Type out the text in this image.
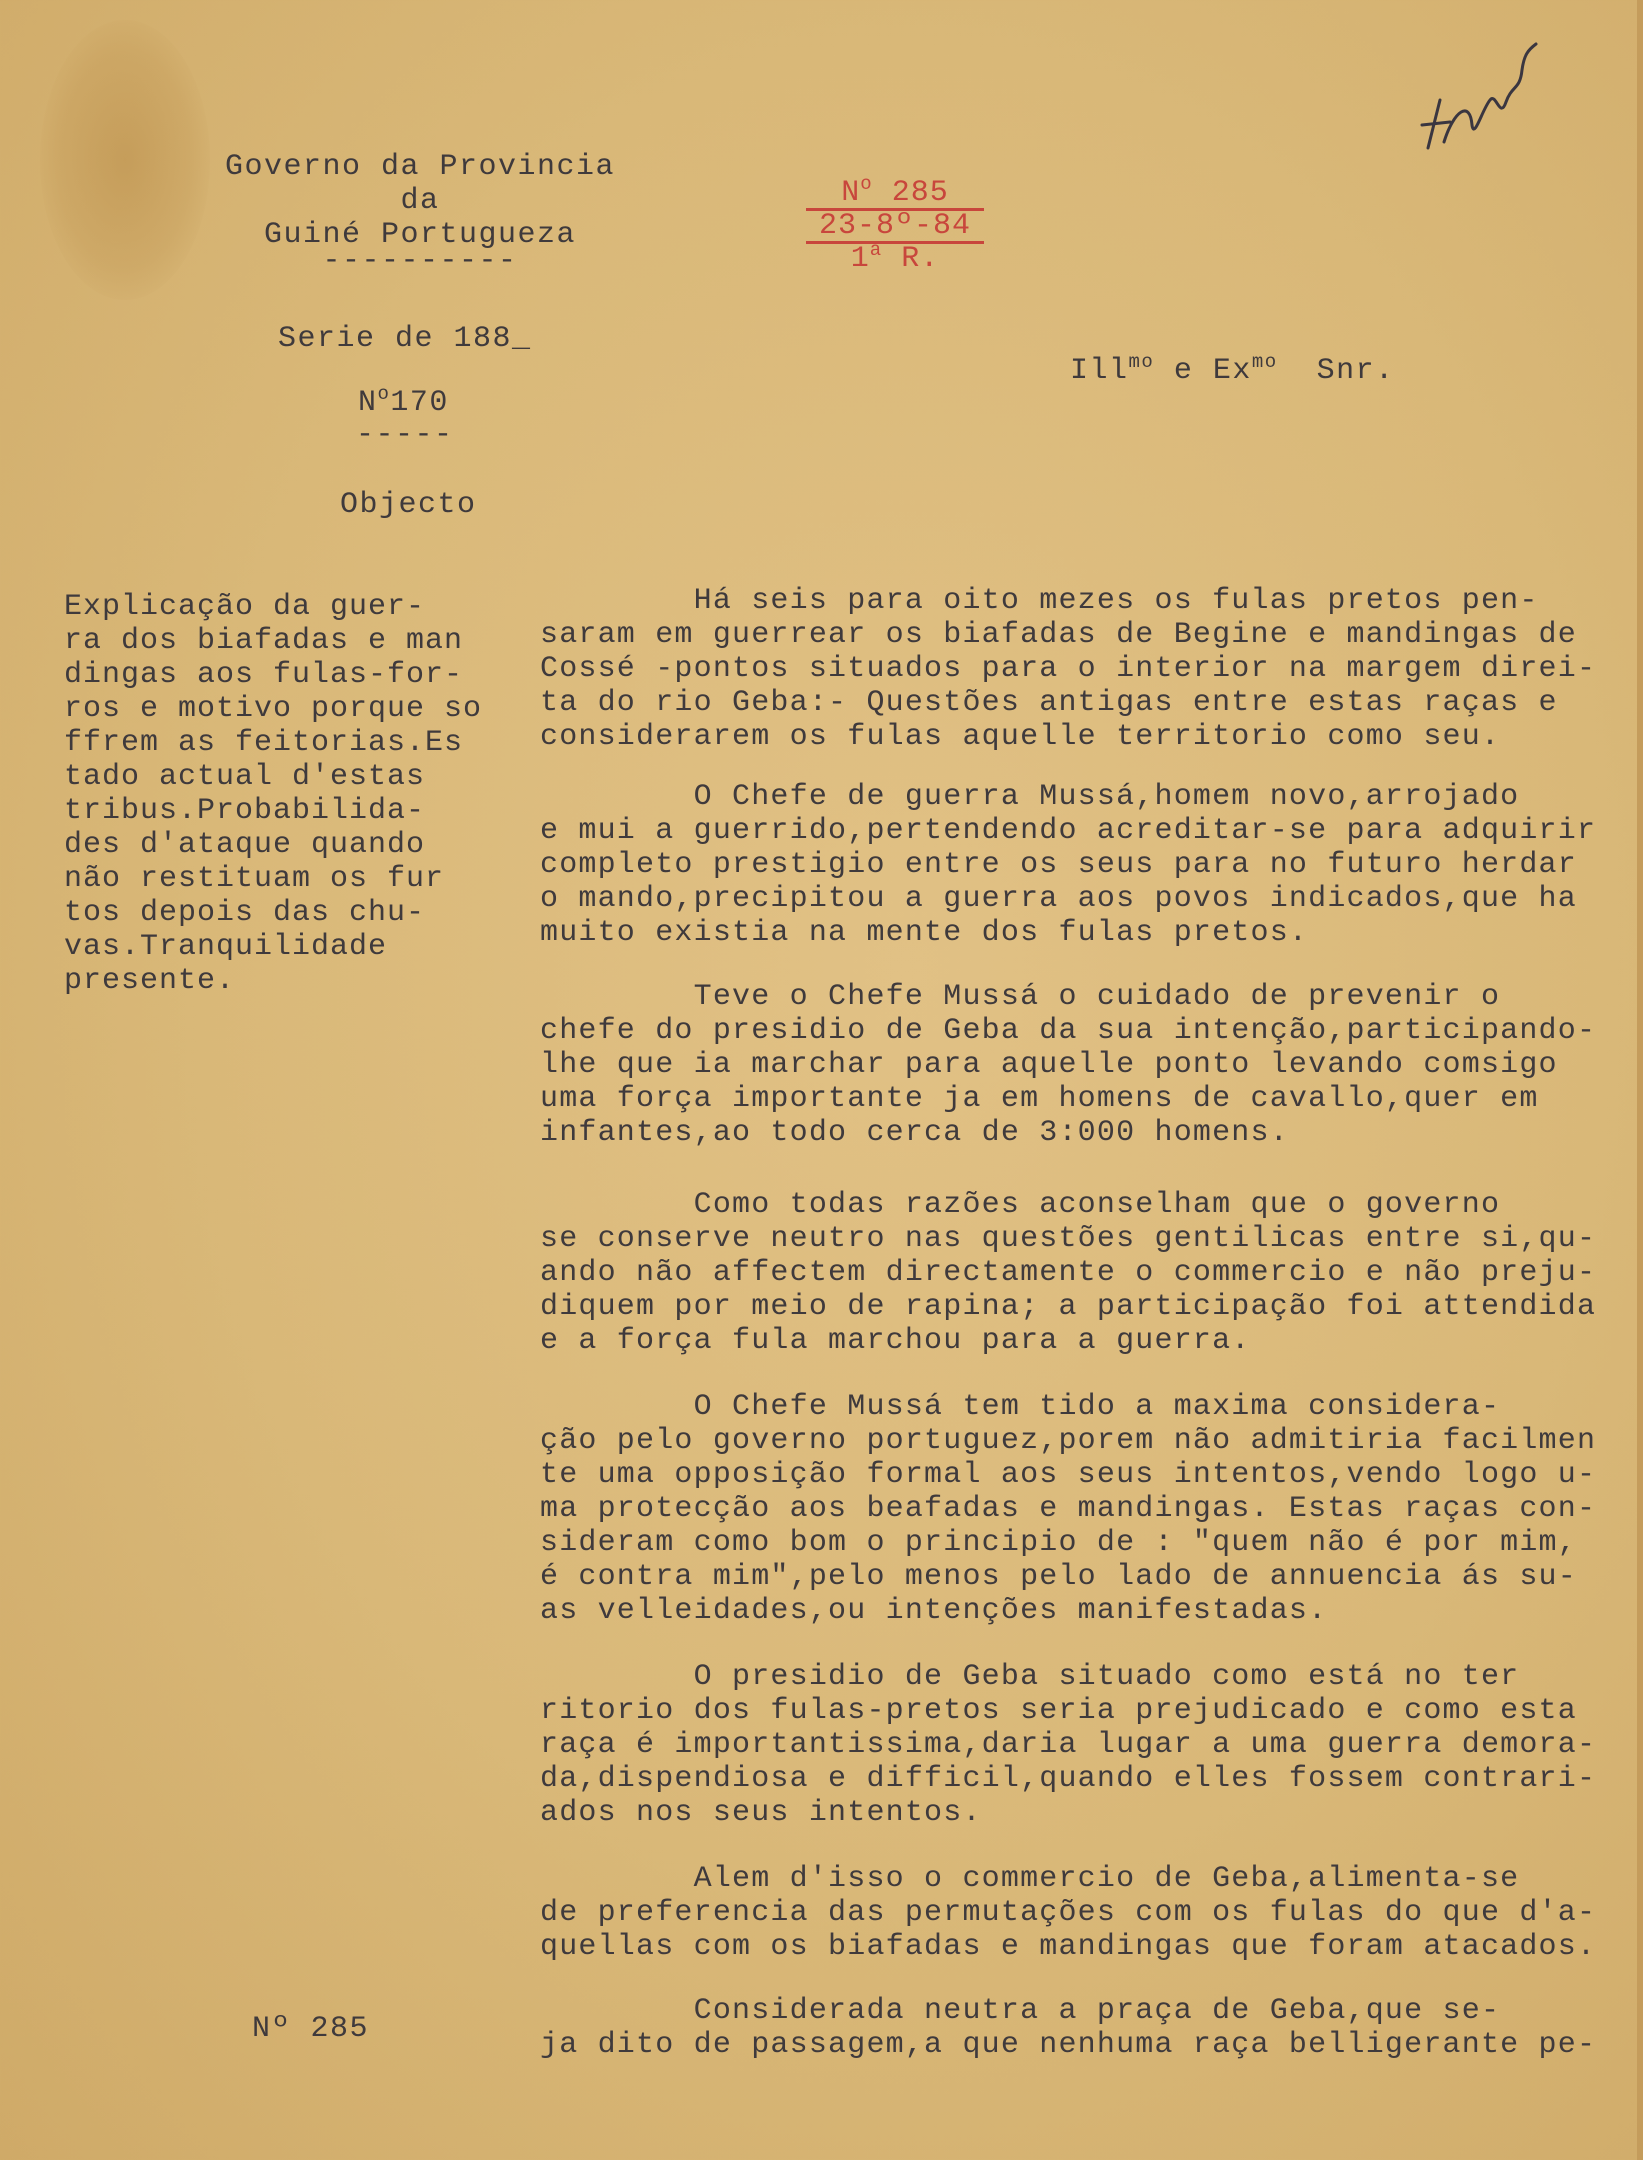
Governo da Provincia
da
Guiné Portugueza
----------
$N^o$ 285
23-8º-84
1$^a$ R.
Serie de 188_
$N^o170$
-----
Objecto
Ill$^{mo}$ e $Ex^{mo}$  Snr.
Explicação da guer-
ra dos biafadas e man
dingas aos fulas-for-
ros e motivo porque so
ffrem as feitorias.Es
tado actual d'estas
tribus.Probabilida-
des d'ataque quando
não restituam os fur
tos depois das chu-
vas.Tranquilidade
presente.
Há seis para oito mezes os fulas pretos pen-
saram em guerrear os biafadas de Begine e mandingas de
Cossé -pontos situados para o interior na margem direi-
ta do rio Geba:- Questões antigas entre estas raças e
considerarem os fulas aquelle territorio como seu.
O Chefe de guerra Mussá,homem novo,arrojado
e mui a guerrido,pertendendo acreditar-se para adquirir
completo prestigio entre os seus para no futuro herdar
o mando,precipitou a guerra aos povos indicados,que ha
muito existia na mente dos fulas pretos.
Teve o Chefe Mussá o cuidado de prevenir o
chefe do presidio de Geba da sua intenção,participando-
lhe que ia marchar para aquelle ponto levando comsigo
uma força importante ja em homens de cavallo,quer em
infantes,ao todo cerca de 3:000 homens.
Como todas razões aconselham que o governo
se conserve neutro nas questões gentilicas entre si,qu-
ando não affectem directamente o commercio e não preju-
diquem por meio de rapina; a participação foi attendida
e a força fula marchou para a guerra.
O Chefe Mussá tem tido a maxima considera-
ção pelo governo portuguez,porem não admitiria facilmen
te uma opposição formal aos seus intentos,vendo logo u-
ma protecção aos beafadas e mandingas. Estas raças con-
sideram como bom o principio de : "quem não é por mim,
é contra mim",pelo menos pelo lado de annuencia ás su-
as velleidades,ou intenções manifestadas.
O presidio de Geba situado como está no ter
ritorio dos fulas-pretos seria prejudicado e como esta
raça é importantissima,daria lugar a uma guerra demora-
da,dispendiosa e difficil,quando elles fossem contrari-
ados nos seus intentos.
Alem d'isso o commercio de Geba,alimenta-se
de preferencia das permutações com os fulas do que d'a-
quellas com os biafadas e mandingas que foram atacados.
Considerada neutra a praça de Geba,que se-
ja dito de passagem,a que nenhuma raça belligerante pe-
Nº 285
